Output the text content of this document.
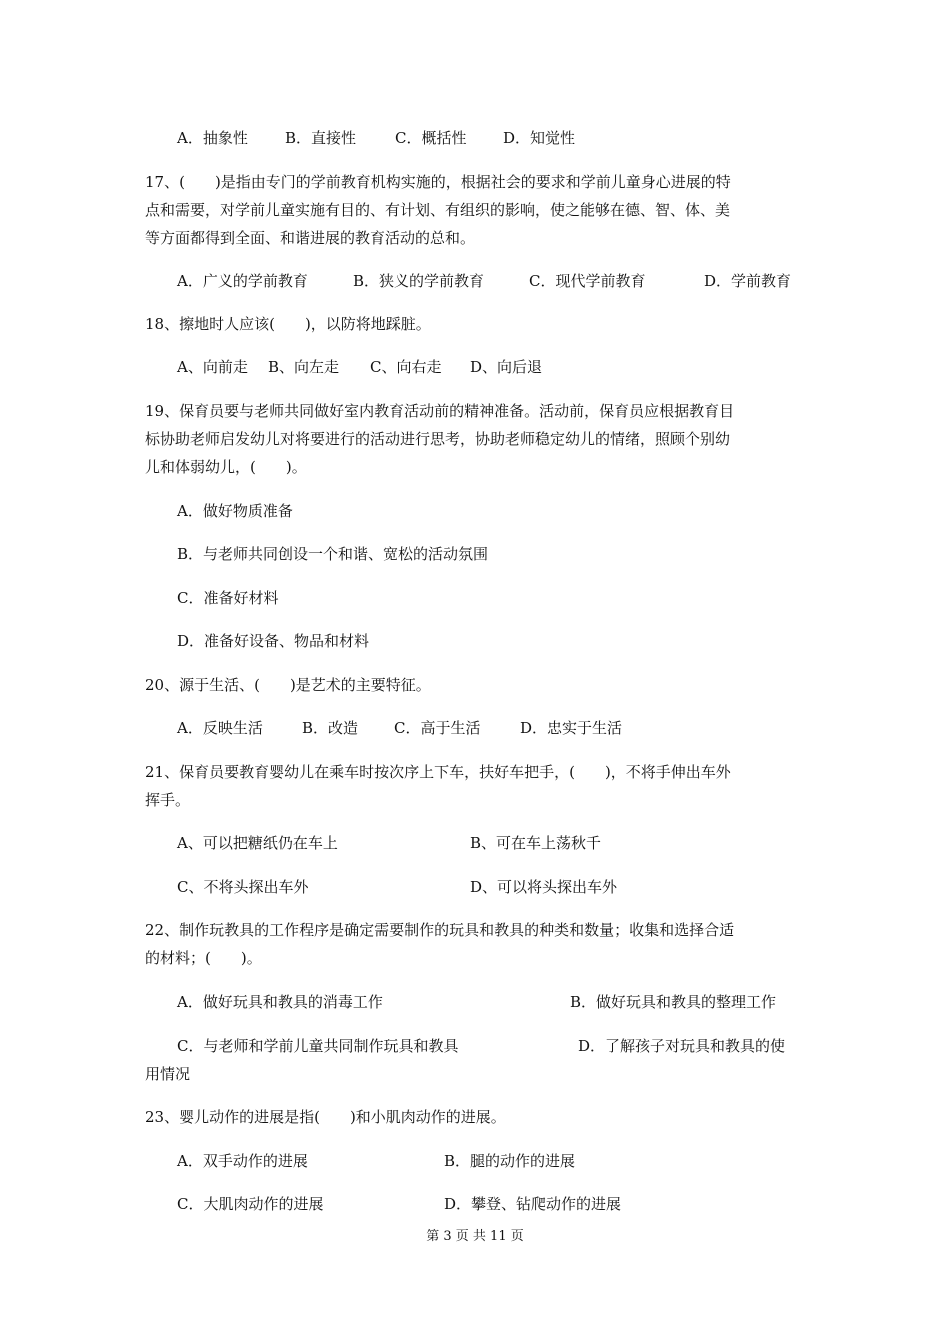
A．抽象性 B．直接性	C．概括性 D．知觉性
17、(　　)是指由专门的学前教育机构实施的，根据社会的要求和学前儿童身心进展的特
点和需要，对学前儿童实施有目的、有计划、有组织的影响，使之能够在德、智、体、美
等方面都得到全面、和谐进展的教育活动的总和。
A．广义的学前教育	B．狭义的学前教育	C．现代学前教育	D．学前教育
18、擦地时人应该(　　)，以防将地踩脏。
A、向前走 B、向左走 C、向右走 D、向后退
19、保育员要与老师共同做好室内教育活动前的精神准备。活动前，保育员应根据教育目
标协助老师启发幼儿对将要进行的活动进行思考，协助老师稳定幼儿的情绪，照顾个别幼
儿和体弱幼儿，(　　)。
A．做好物质准备
B．与老师共同创设一个和谐、宽松的活动氛围
C．准备好材料
D．准备好设备、物品和材料
20、源于生活、(　　)是艺术的主要特征。
A．反映生活	B．改造 C．高于生活	D．忠实于生活
21、保育员要教育婴幼儿在乘车时按次序上下车，扶好车把手，(　　)，不将手伸出车外
挥手。
A、可以把糖纸仍在车上	B、可在车上荡秋千
C、不将头探出车外	D、可以将头探出车外
22、制作玩教具的工作程序是确定需要制作的玩具和教具的种类和数量；收集和选择合适
的材料；(　　)。
A．做好玩具和教具的消毒工作	B．做好玩具和教具的整理工作
C．与老师和学前儿童共同制作玩具和教具	D．了解孩子对玩具和教具的使
用情况
23、婴儿动作的进展是指(　　)和小肌肉动作的进展。
A．双手动作的进展	B．腿的动作的进展
C．大肌肉动作的进展	D．攀登、钻爬动作的进展
第 3 页 共 11 页
